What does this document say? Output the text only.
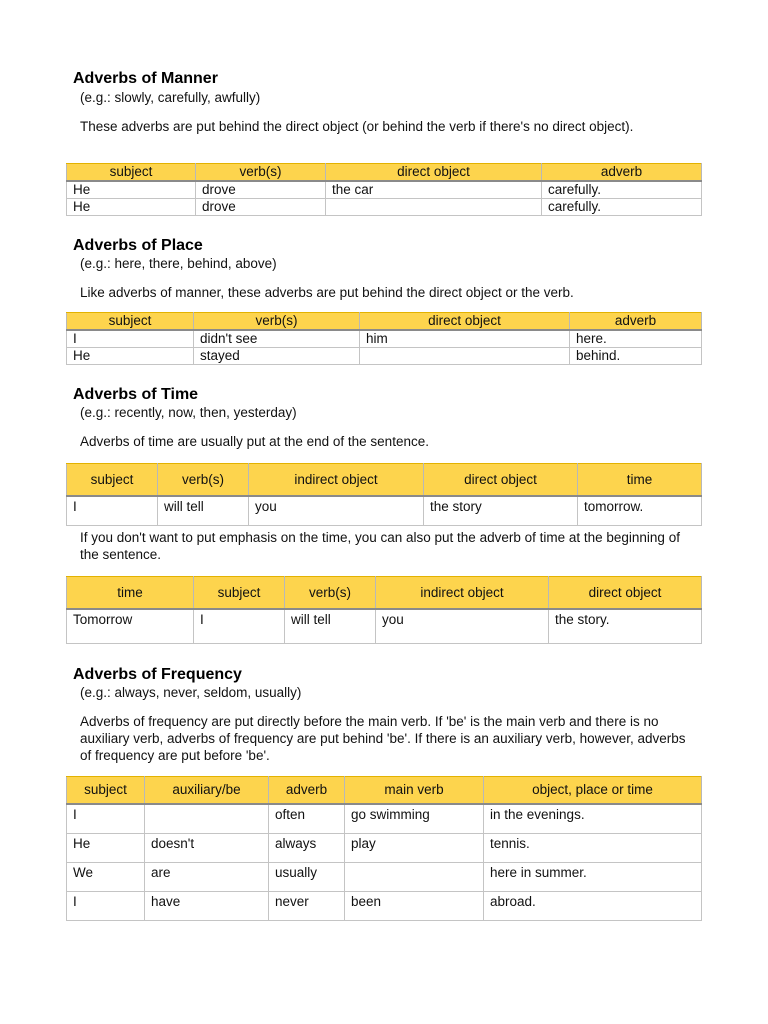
Adverbs of Manner

(e.g.: slowly, carefully, awfully)

These adverbs are put behind the direct object (or behind the verb if there's no direct object).

subject	verb(s)	direct object	adverb
He	drove	the car	carefully.
He	drove		carefully.
Adverbs of Place

(e.g.: here, there, behind, above)

Like adverbs of manner, these adverbs are put behind the direct object or the verb.

subject	verb(s)	direct object	adverb
I	didn't see	him	here.
He	stayed		behind.
Adverbs of Time

(e.g.: recently, now, then, yesterday)

Adverbs of time are usually put at the end of the sentence.

subject	verb(s)	indirect object	direct object	time
I	will tell	you	the story	tomorrow.

If you don't want to put emphasis on the time, you can also put the adverb of time at the beginning of the sentence.

time	subject	verb(s)	indirect object	direct object
Tomorrow	I	will tell	you	the story.
Adverbs of Frequency

(e.g.: always, never, seldom, usually)

Adverbs of frequency are put directly before the main verb. If 'be' is the main verb and there is no auxiliary verb, adverbs of frequency are put behind 'be'. If there is an auxiliary verb, however, adverbs of frequency are put before 'be'.

subject	auxiliary/be	adverb	main verb	object, place or time
I		often	go swimming	in the evenings.
He	doesn't	always	play	tennis.
We	are	usually		here in summer.
I	have	never	been	abroad.
